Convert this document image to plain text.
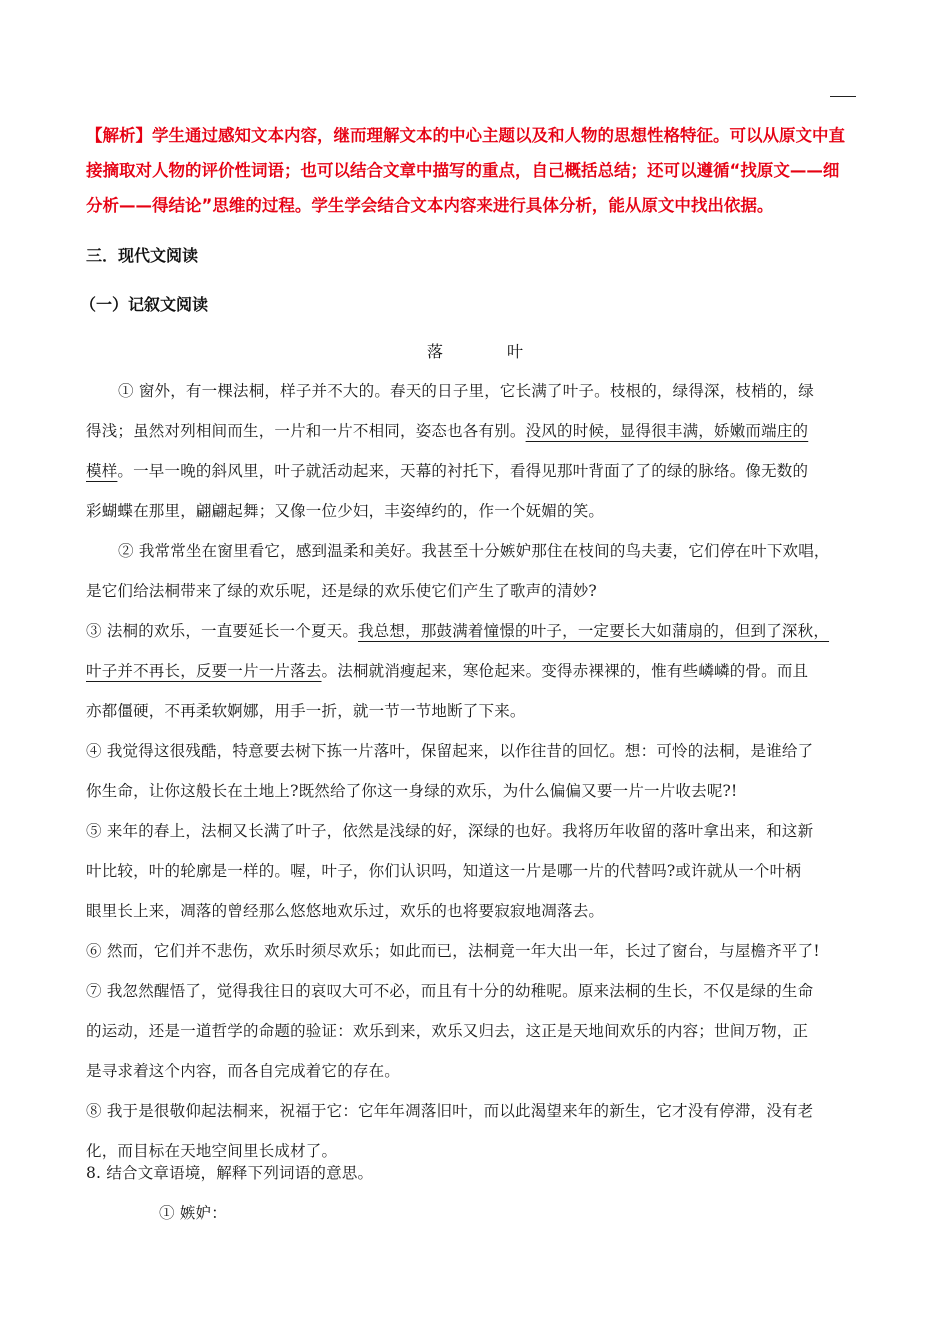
【解析】学生通过感知文本内容，继而理解文本的中心主题以及和人物的思想性格特征。可以从原文中直
接摘取对人物的评价性词语；也可以结合文章中描写的重点，自己概括总结；还可以遵循“找原文——细
分析——得结论”思维的过程。学生学会结合文本内容来进行具体分析，能从原文中找出依据。
三．现代文阅读
（一）记叙文阅读
落	叶
① 窗外，有一棵法桐，样子并不大的。春天的日子里，它长满了叶子。枝根的，绿得深，枝梢的，绿
得浅；虽然对列相间而生，一片和一片不相同，姿态也各有别。没风的时候，显得很丰满，娇嫩而端庄的
模样。一早一晚的斜风里，叶子就活动起来，天幕的衬托下，看得见那叶背面了了的绿的脉络。像无数的
彩蝴蝶在那里，翩翩起舞；又像一位少妇，丰姿绰约的，作一个妩媚的笑。
② 我常常坐在窗里看它，感到温柔和美好。我甚至十分嫉妒那住在枝间的鸟夫妻，它们停在叶下欢唱，
是它们给法桐带来了绿的欢乐呢，还是绿的欢乐使它们产生了歌声的清妙?
③ 法桐的欢乐，一直要延长一个夏天。我总想，那鼓满着憧憬的叶子，一定要长大如蒲扇的，但到了深秋，
叶子并不再长，反要一片一片落去。法桐就消瘦起来，寒伧起来。变得赤裸裸的，惟有些嶙嶙的骨。而且
亦都僵硬，不再柔软婀娜，用手一折，就一节一节地断了下来。
④ 我觉得这很残酷，特意要去树下拣一片落叶，保留起来，以作往昔的回忆。想：可怜的法桐，是谁给了
你生命，让你这般长在土地上?既然给了你这一身绿的欢乐，为什么偏偏又要一片一片收去呢?!
⑤ 来年的春上，法桐又长满了叶子，依然是浅绿的好，深绿的也好。我将历年收留的落叶拿出来，和这新
叶比较，叶的轮廓是一样的。喔，叶子，你们认识吗，知道这一片是哪一片的代替吗?或许就从一个叶柄
眼里长上来，凋落的曾经那么悠悠地欢乐过，欢乐的也将要寂寂地凋落去。
⑥ 然而，它们并不悲伤，欢乐时须尽欢乐；如此而已，法桐竟一年大出一年，长过了窗台，与屋檐齐平了!
⑦ 我忽然醒悟了，觉得我往日的哀叹大可不必，而且有十分的幼稚呢。原来法桐的生长，不仅是绿的生命
的运动，还是一道哲学的命题的验证：欢乐到来，欢乐又归去，这正是天地间欢乐的内容；世间万物，正
是寻求着这个内容，而各自完成着它的存在。
⑧ 我于是很敬仰起法桐来，祝福于它：它年年凋落旧叶，而以此渴望来年的新生，它才没有停滞，没有老
化，而目标在天地空间里长成材了。
8. 结合文章语境，解释下列词语的意思。
① 嫉妒：
